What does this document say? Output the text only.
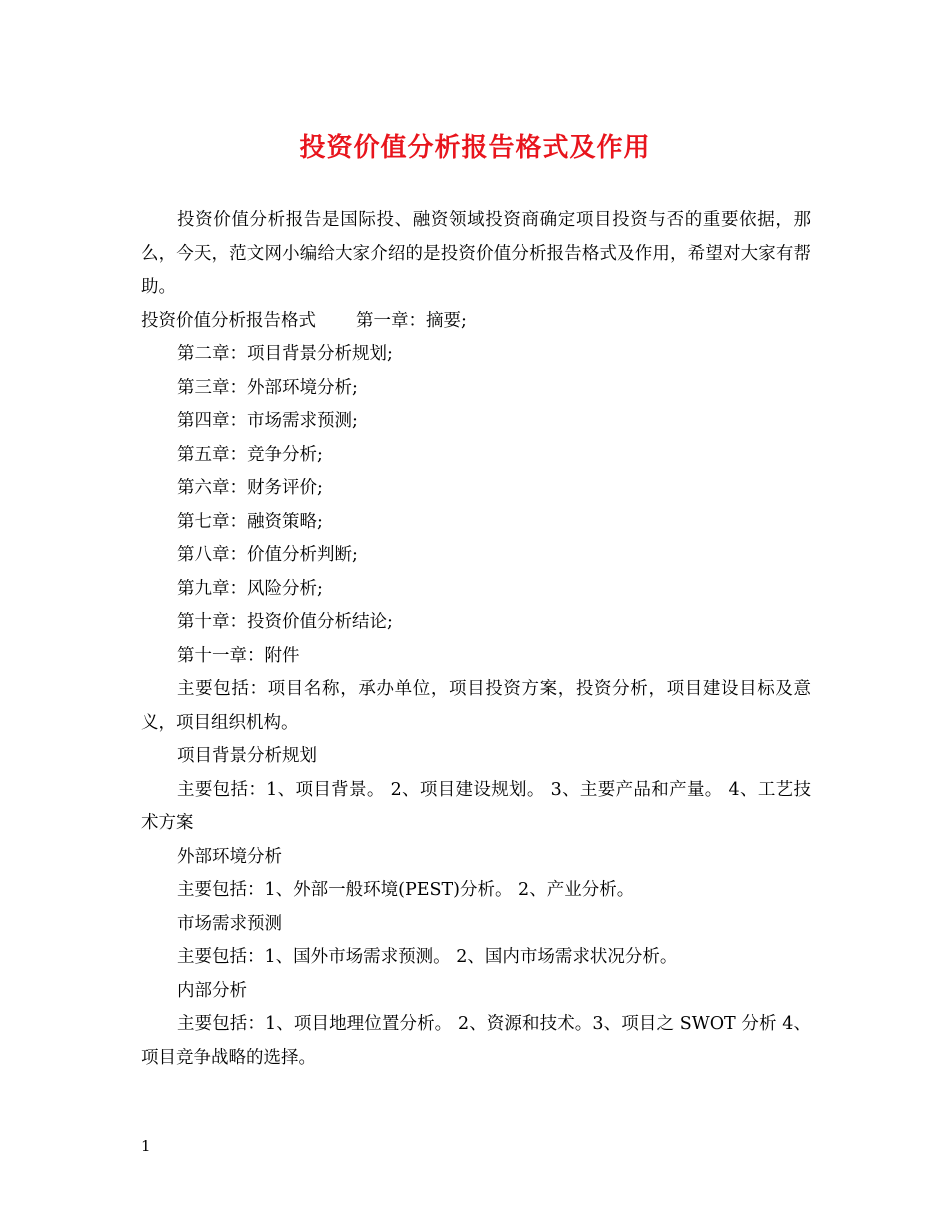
投资价值分析报告格式及作用

投资价值分析报告是国际投、融资领域投资商确定项目投资与否的重要依据，那么，今天，范文网小编给大家介绍的是投资价值分析报告格式及作用，希望对大家有帮助。

投资价值分析报告格式 第一章：摘要;

第二章：项目背景分析规划;

第三章：外部环境分析;

第四章：市场需求预测;

第五章：竞争分析;

第六章：财务评价;

第七章：融资策略;

第八章：价值分析判断;

第九章：风险分析;

第十章：投资价值分析结论;

第十一章：附件

主要包括：项目名称，承办单位，项目投资方案，投资分析，项目建设目标及意义，项目组织机构。

项目背景分析规划

主要包括：1、项目背景。 2、项目建设规划。 3、主要产品和产量。 4、工艺技术方案

外部环境分析

主要包括：1、外部一般环境(PEST)分析。 2、产业分析。

市场需求预测

主要包括：1、国外市场需求预测。 2、国内市场需求状况分析。

内部分析

主要包括：1、项目地理位置分析。 2、资源和技术。3、项目之 SWOT 分析 4、项目竞争战略的选择。

1
